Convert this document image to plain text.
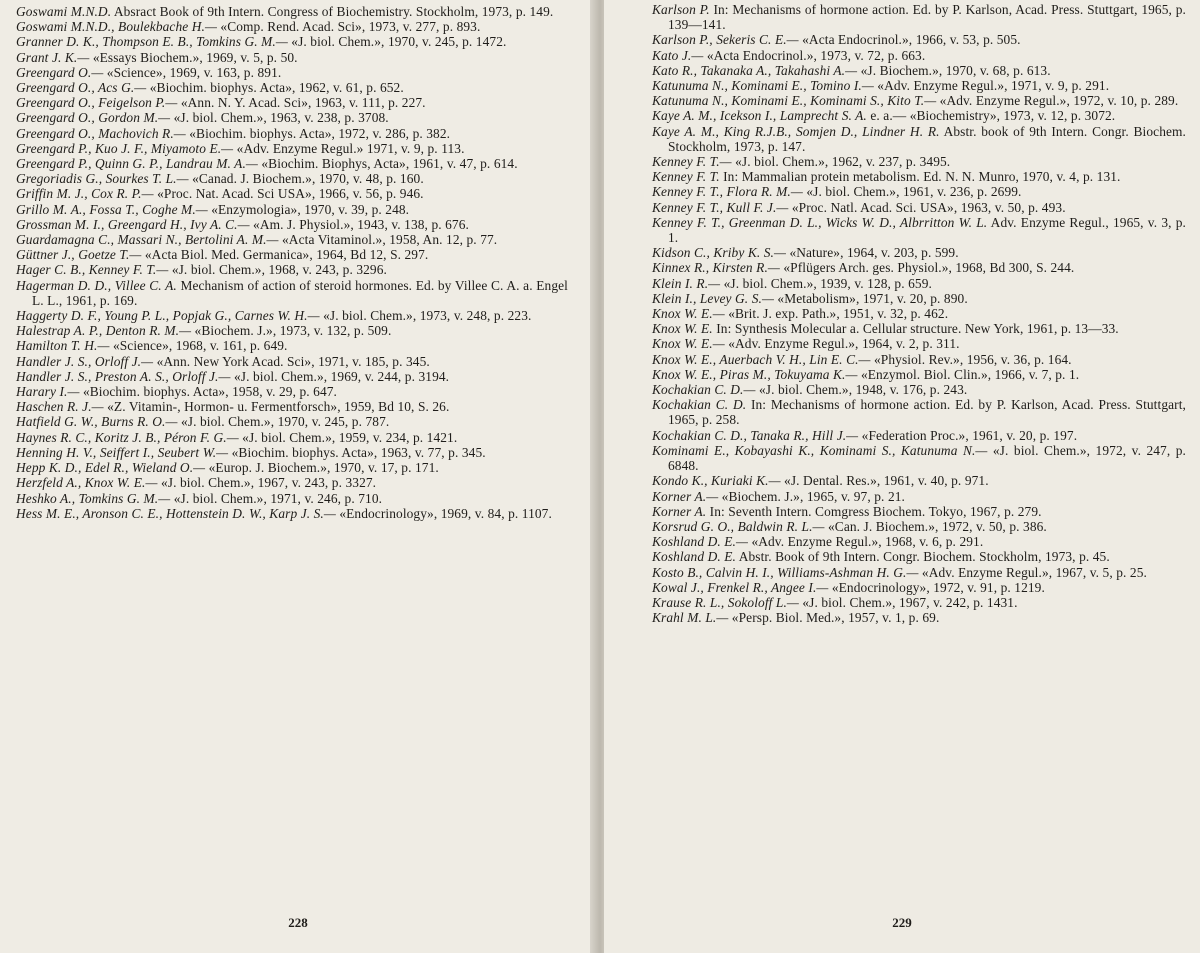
Goswami M.N.D. Absract Book of 9th Intern. Congress of Biochemistry. Stockholm, 1973, p. 149.
Goswami M.N.D., Boulekbache H.— «Comp. Rend. Acad. Sci», 1973, v. 277, p. 893.
Granner D. K., Thompson E. B., Tomkins G. M.— «J. biol. Chem.», 1970, v. 245, p. 1472.
Grant J. K.— «Essays Biochem.», 1969, v. 5, p. 50.
Greengard O.— «Science», 1969, v. 163, p. 891.
Greengard O., Acs G.— «Biochim. biophys. Acta», 1962, v. 61, p. 652.
Greengard O., Feigelson P.— «Ann. N. Y. Acad. Sci», 1963, v. 111, p. 227.
Greengard O., Gordon M.— «J. biol. Chem.», 1963, v. 238, p. 3708.
Greengard O., Machovich R.— «Biochim. biophys. Acta», 1972, v. 286, p. 382.
Greengard P., Kuo J. F., Miyamoto E.— «Adv. Enzyme Regul.» 1971, v. 9, p. 113.
Greengard P., Quinn G. P., Landrau M. A.— «Biochim. Biophys, Acta», 1961, v. 47, p. 614.
Gregoriadis G., Sourkes T. L.— «Canad. J. Biochem.», 1970, v. 48, p. 160.
Griffin M. J., Cox R. P.— «Proc. Nat. Acad. Sci USA», 1966, v. 56, p. 946.
Grillo M. A., Fossa T., Coghe M.— «Enzymologia», 1970, v. 39, p. 248.
Grossman M. I., Greengard H., Ivy A. C.— «Am. J. Physiol.», 1943, v. 138, p. 676.
Guardamagna C., Massari N., Bertolini A. M.— «Acta Vitaminol.», 1958, An. 12, p. 77.
Güttner J., Goetze T.— «Acta Biol. Med. Germanica», 1964, Bd 12, S. 297.
Hager C. B., Kenney F. T.— «J. biol. Chem.», 1968, v. 243, p. 3296.
Hagerman D. D., Villee C. A. Mechanism of action of steroid hormones. Ed. by Villee C. A. a. Engel L. L., 1961, p. 169.
Haggerty D. F., Young P. L., Popjak G., Carnes W. H.— «J. biol. Chem.», 1973, v. 248, p. 223.
Halestrap A. P., Denton R. M.— «Biochem. J.», 1973, v. 132, p. 509.
Hamilton T. H.— «Science», 1968, v. 161, p. 649.
Handler J. S., Orloff J.— «Ann. New York Acad. Sci», 1971, v. 185, p. 345.
Handler J. S., Preston A. S., Orloff J.— «J. biol. Chem.», 1969, v. 244, p. 3194.
Harary I.— «Biochim. biophys. Acta», 1958, v. 29, p. 647.
Haschen R. J.— «Z. Vitamin-, Hormon- u. Fermentforsch», 1959, Bd 10, S. 26.
Hatfield G. W., Burns R. O.— «J. biol. Chem.», 1970, v. 245, p. 787.
Haynes R. C., Koritz J. B., Péron F. G.— «J. biol. Chem.», 1959, v. 234, p. 1421.
Henning H. V., Seiffert I., Seubert W.— «Biochim. biophys. Acta», 1963, v. 77, p. 345.
Hepp K. D., Edel R., Wieland O.— «Europ. J. Biochem.», 1970, v. 17, p. 171.
Herzfeld A., Knox W. E.— «J. biol. Chem.», 1967, v. 243, p. 3327.
Heshko A., Tomkins G. M.— «J. biol. Chem.», 1971, v. 246, p. 710.
Hess M. E., Aronson C. E., Hottenstein D. W., Karp J. S.— «Endocrinology», 1969, v. 84, p. 1107.
228
Karlson P. In: Mechanisms of hormone action. Ed. by P. Karlson, Acad. Press. Stuttgart, 1965, p. 139—141.
Karlson P., Sekeris C. E.— «Acta Endocrinol.», 1966, v. 53, p. 505.
Kato J.— «Acta Endocrinol.», 1973, v. 72, p. 663.
Kato R., Takanaka A., Takahashi A.— «J. Biochem.», 1970, v. 68, p. 613.
Katunuma N., Kominami E., Tomino I.— «Adv. Enzyme Regul.», 1971, v. 9, p. 291.
Katunuma N., Kominami E., Kominami S., Kito T.— «Adv. Enzyme Regul.», 1972, v. 10, p. 289.
Kaye A. M., Icekson I., Lamprecht S. A. e. a.— «Biochemistry», 1973, v. 12, p. 3072.
Kaye A. M., King R.J.B., Somjen D., Lindner H. R. Abstr. book of 9th Intern. Congr. Biochem. Stockholm, 1973, p. 147.
Kenney F. T.— «J. biol. Chem.», 1962, v. 237, p. 3495.
Kenney F. T. In: Mammalian protein metabolism. Ed. N. N. Munro, 1970, v. 4, p. 131.
Kenney F. T., Flora R. M.— «J. biol. Chem.», 1961, v. 236, p. 2699.
Kenney F. T., Kull F. J.— «Proc. Natl. Acad. Sci. USA», 1963, v. 50, p. 493.
Kenney F. T., Greenman D. L., Wicks W. D., Albrritton W. L. Adv. Enzyme Regul., 1965, v. 3, p. 1.
Kidson C., Kriby K. S.— «Nature», 1964, v. 203, p. 599.
Kinnex R., Kirsten R.— «Pflügers Arch. ges. Physiol.», 1968, Bd 300, S. 244.
Klein I. R.— «J. biol. Chem.», 1939, v. 128, p. 659.
Klein I., Levey G. S.— «Metabolism», 1971, v. 20, p. 890.
Knox W. E.— «Brit. J. exp. Path.», 1951, v. 32, p. 462.
Knox W. E. In: Synthesis Molecular a. Cellular structure. New York, 1961, p. 13—33.
Knox W. E.— «Adv. Enzyme Regul.», 1964, v. 2, p. 311.
Knox W. E., Auerbach V. H., Lin E. C.— «Physiol. Rev.», 1956, v. 36, p. 164.
Knox W. E., Piras M., Tokuyama K.— «Enzymol. Biol. Clin.», 1966, v. 7, p. 1.
Kochakian C. D.— «J. biol. Chem.», 1948, v. 176, p. 243.
Kochakian C. D. In: Mechanisms of hormone action. Ed. by P. Karlson, Acad. Press. Stuttgart, 1965, p. 258.
Kochakian C. D., Tanaka R., Hill J.— «Federation Proc.», 1961, v. 20, p. 197.
Kominami E., Kobayashi K., Kominami S., Katunuma N.— «J. biol. Chem.», 1972, v. 247, p. 6848.
Kondo K., Kuriaki K.— «J. Dental. Res.», 1961, v. 40, p. 971.
Korner A.— «Biochem. J.», 1965, v. 97, p. 21.
Korner A. In: Seventh Intern. Comgress Biochem. Tokyo, 1967, p. 279.
Korsrud G. O., Baldwin R. L.— «Can. J. Biochem.», 1972, v. 50, p. 386.
Koshland D. E.— «Adv. Enzyme Regul.», 1968, v. 6, p. 291.
Koshland D. E. Abstr. Book of 9th Intern. Congr. Biochem. Stockholm, 1973, p. 45.
Kosto B., Calvin H. I., Williams-Ashman H. G.— «Adv. Enzyme Regul.», 1967, v. 5, p. 25.
Kowal J., Frenkel R., Angee I.— «Endocrinology», 1972, v. 91, p. 1219.
Krause R. L., Sokoloff L.— «J. biol. Chem.», 1967, v. 242, p. 1431.
Krahl M. L.— «Persp. Biol. Med.», 1957, v. 1, p. 69.
229
